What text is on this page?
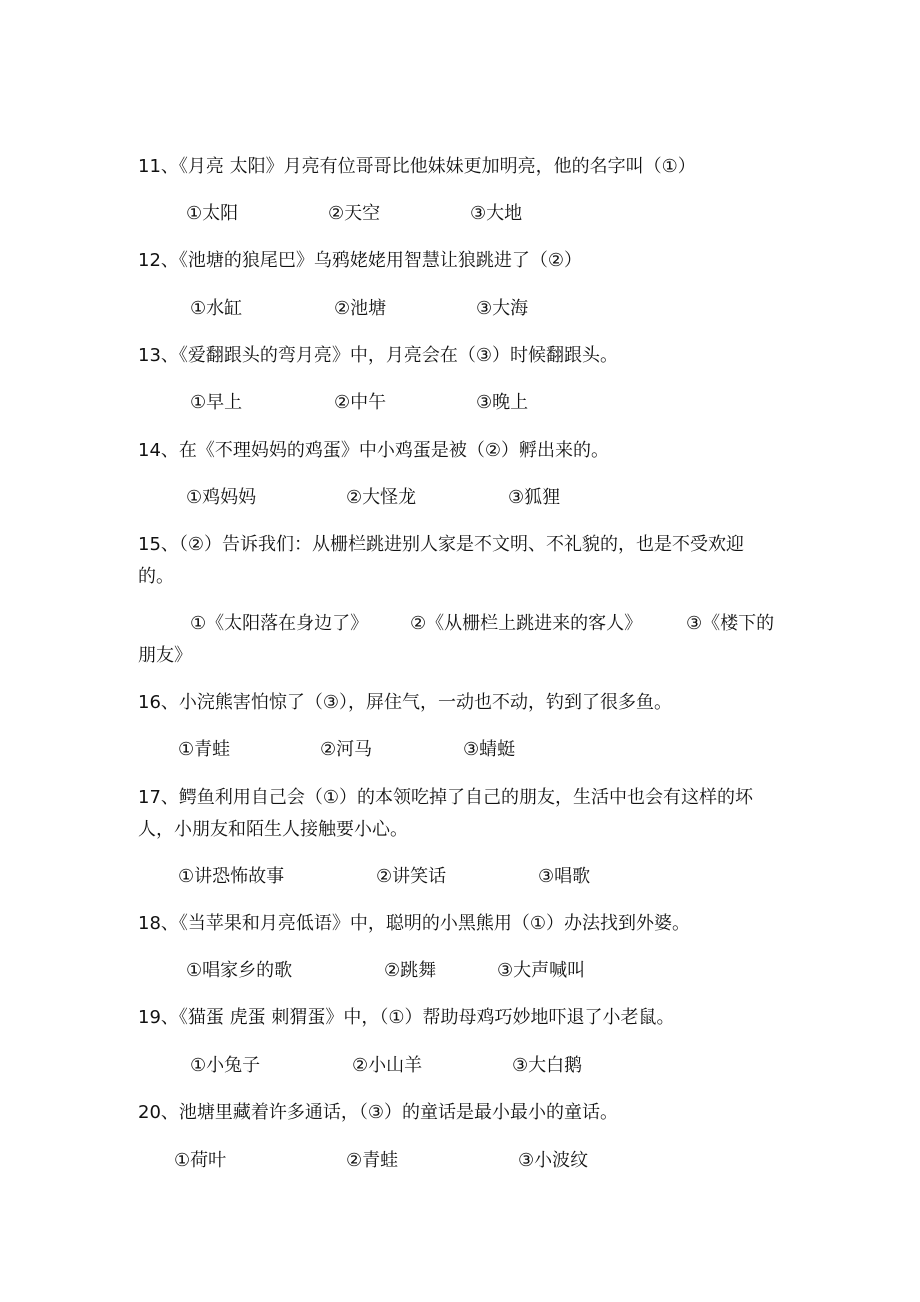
11、《月亮 太阳》月亮有位哥哥比他妹妹更加明亮，他的名字叫（①）
①太阳	②天空	③大地
12、《池塘的狼尾巴》乌鸦姥姥用智慧让狼跳进了（②）
①水缸	②池塘	③大海
13、《爱翻跟头的弯月亮》中，月亮会在（③）时候翻跟头。
①早上	②中午	③晚上
14、在《不理妈妈的鸡蛋》中小鸡蛋是被（②）孵出来的。
①鸡妈妈	②大怪龙	③狐狸
15、（②）告诉我们：从栅栏跳进别人家是不文明、不礼貌的，也是不受欢迎
的。
①《太阳落在身边了》 ②《从栅栏上跳进来的客人》 ③《楼下的
朋友》
16、小浣熊害怕惊了（③），屏住气，一动也不动，钓到了很多鱼。
①青蛙	②河马	③蜻蜓
17、鳄鱼利用自己会（①）的本领吃掉了自己的朋友，生活中也会有这样的坏
人，小朋友和陌生人接触要小心。
①讲恐怖故事	②讲笑话	③唱歌
18、《当苹果和月亮低语》中，聪明的小黑熊用（①）办法找到外婆。
①唱家乡的歌	②跳舞	③大声喊叫
19、《猫蛋 虎蛋 刺猬蛋》中，（①）帮助母鸡巧妙地吓退了小老鼠。
①小兔子	②小山羊	③大白鹅
20、池塘里藏着许多通话，（③）的童话是最小最小的童话。
①荷叶	②青蛙	③小波纹
